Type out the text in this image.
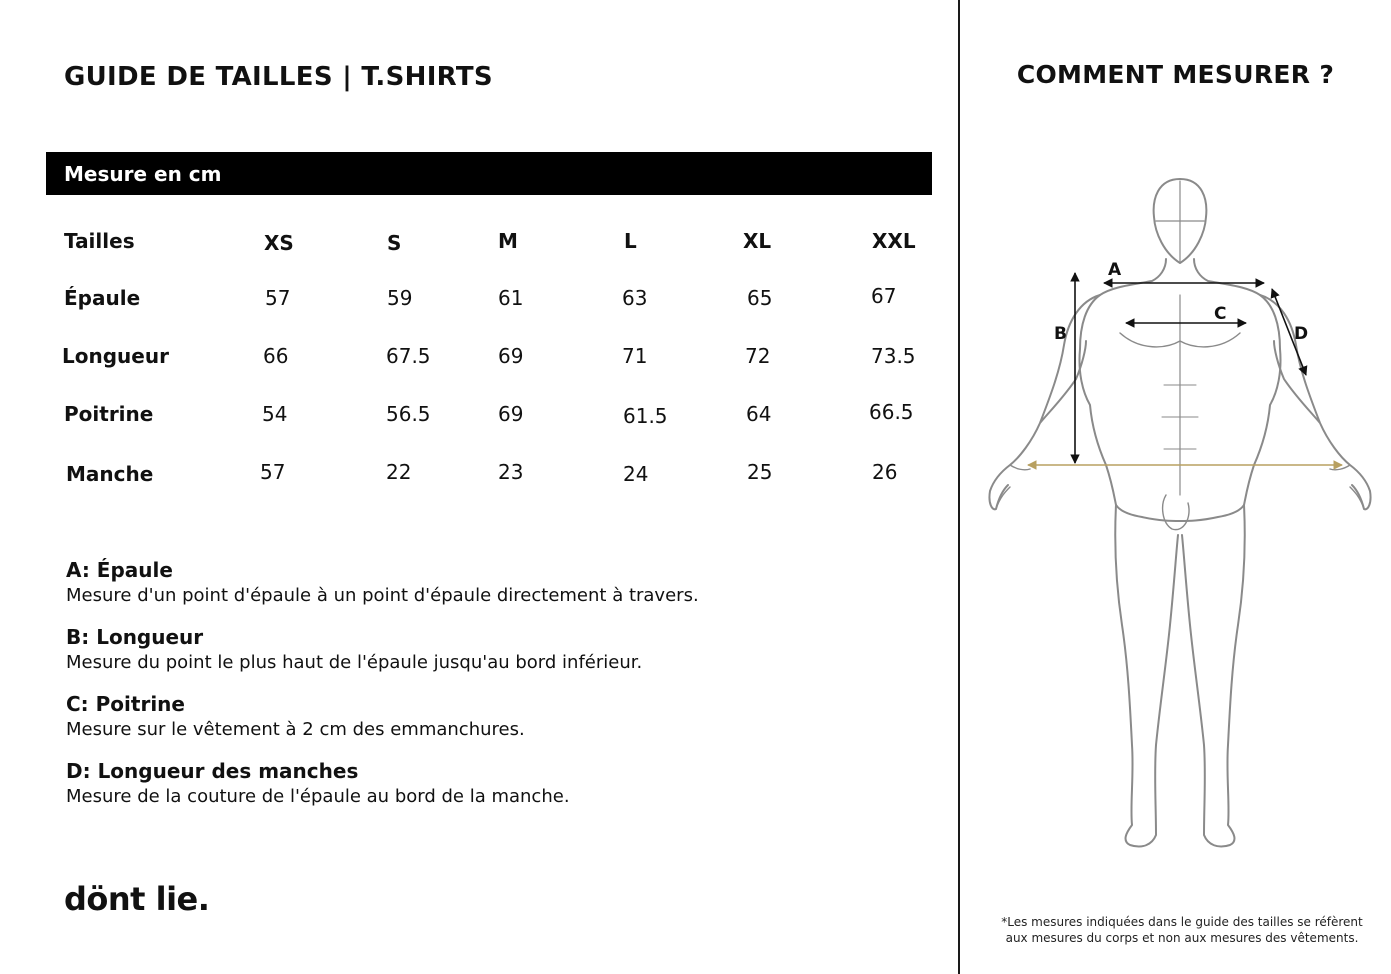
GUIDE DE TAILLES | T.SHIRTS
Mesure en cm
Tailles	XS	S	M	L	XL	XXL
Épaule	57	59	61	63	65	67
Longueur	66	67.5	69	71	72	73.5
Poitrine	54	56.5	69	61.5	64	66.5
Manche	57	22	23	24	25	26
A: Épaule
Mesure d'un point d'épaule à un point d'épaule directement à travers.
B: Longueur
Mesure du point le plus haut de l'épaule jusqu'au bord inférieur.
C: Poitrine
Mesure sur le vêtement à 2 cm des emmanchures.
D: Longueur des manches
Mesure de la couture de l'épaule au bord de la manche.
dönt lie.
COMMENT MESURER ?
A
B
C
D
*Les mesures indiquées dans le guide des tailles se réfèrent
aux mesures du corps et non aux mesures des vêtements.
